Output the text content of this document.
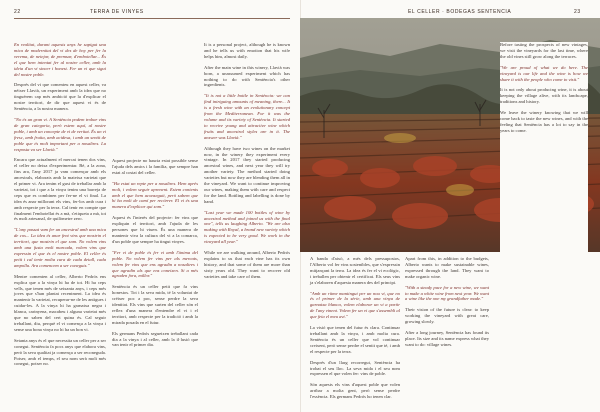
22	TERRA DE VINYES	EL CELLER · BODEGAS SENTENCIA	23

En realitat, durant aquests anys he sapigut una mica de modernitat del vi des de hoy per fer la verema, de netejar, de premsar, d'embotellar... És el que hem intentat fer al nostre celler, amb la ideia d'un vi sincer i honest. Fer un vi que sigui del nostre poble.

Després del vi que comenteu en aquest celler, va néixer Llavià, un experiment amb la idea que no tinguérem cap més ambició que la d'explicar el nostre territori, de dir que aquest vi és de Sentència, a la nostra manera.

"No és un gran vi. A Sentència podem trobar vins de gran categoria, però estem aquí, al nostre poble, i amb un concepte de vi de veritat. És un vi fresc, amb fruita, amb acidesa, i amb un sentit de poble que és molt important per a nosaltres. La resposta va ser Llavià."

Encara que actualment el mercat tenen dos vins, el celler no deixa d'experimentar. Bé, a la zona, fins ara, l'any 2017 ja vam començar amb els ancestrals, elaborats amb la mateixa varietat que el primer vi. Ara tenim el gust de treballar amb la varietat, tot i que a la vinya tenim una barreja de ceps que es combinen per fer-ne el vi final. La idea és anar millorant els vins, fer-los amb cura i amb respecte per la terra. Cal tenir en compte que finalment l'embotellat és a mà, s'etiqueta a mà, tot és molt artesanal, de quilòmetre zero.

"L'any passat vam fer un ancestral amb una mica de cos... La idea és anar fent vins que mostrin el territori, que mostrin el que som. No volem vins amb una fusta molt marcada, volem vins que expressin el que és el nostre poble. El celler és petit i cal tenir molta cura de cada detall, cada ampolla. Ara comencem a ser coneguts."

Mentre comenten al celler, Alberto Pedrós ens explica que a la vinya hi ha de tot. Hi ha ceps vells, que tenen més de seixanta anys, i ceps més joves que s'han plantat recentment. La idea és mantenir la varietat, recuperar-ne de les antigues i cuidar-les. A la vinya hi ha garnatxa negra i blanca, carinyena, macabeu i alguna varietat més que no saben del cert quina és. Cal seguir treballant, diu, perquè el vi comença a la vinya i sense una bona vinya no hi ha un bon vi.

Setanta anys és el que necessita un celler per a ser conegut. Sentència fa pocs anys que elabora vins, però la seva qualitat ja comença a ser reconeguda. Potser, amb el temps, el seu nom serà molt més conegut, potser no.

Aquest projecte no hauria estat possible sense l'ajuda dels amics i la família, que sempre han estat al costat del celler.

"Ha estat un repte per a nosaltres. Hem après molt, i volem seguir aprenent. Estem contents amb el que hem aconseguit, però sabem que hi ha molt de camí per recórrer. El vi és una manera d'explicar qui som."

Aquest és l'interès del projecte: fer vins que expliquin el territori, amb l'ajuda de les persones que hi viuen. És una manera de mantenir viva la cultura del vi a la comarca, d'un poble que sempre ha tingut vinyes.

"Fer vi de poble és fer vi amb l'ànima del poble. No volem fer vins per als mercats, volem fer vins que ens agradin a nosaltres i que agradin als que ens coneixen. Si a més agraden fora, millor."

Sentència és un celler petit que fa vins honestos. Tot i la seva mida, té la voluntat de créixer poc a poc, sense perdre la seva identitat. Els vins que surten del celler són el reflex d'una manera d'entendre el vi i el territori, amb respecte per la tradició i amb la mirada posada en el futur.

Els germans Pedrós segueixen treballant cada dia a la vinya i al celler, amb la il·lusió que van tenir el primer dia.

It is a personal project, although he is known and he tells us with emotion that his wife helps him, almost daily.

After the main wine in this winery, Llavià was born, a unassumed experiment which has nothing to do with Sentència's other ingredients.

"It is not a little bottle in Sentència: we can find intriguing amounts of meaning, there... It is a fresh wine with an evolutionary concept from the Mediterranean. For it was the volume and its variety of Sentència. It started to receive young and attractive wine which fruits and ancestral styles are in it. The answer was Llavià."

Although they have two wines on the market now, in the winery they experiment every vintage. In 2017 they started producing ancestral wines, and next year they will try another variety. The method started doing varieties but now they are blending them all in the vineyard. We want to continue improving our wines, making them with care and respect for the land. Bottling and labelling is done by hand.

"Last year we made 100 bottles of wine by ancestral method and joined us with the final one", tells us laughing Alberto. "We are also making with Royal, a brand new variety which is expected to be very good. We work in the vineyard all year."

While we are walking around, Alberto Pedrós explains to us that each vine has its own history, and that some of them are more than sixty years old. They want to recover old varieties and take care of them.

A banda d'això, a més dels pressupostos, l'Alberto vol fer vins sostenibles, que s'expressin mitjançant la terra. La idea és fer el vi ecològic, i treballen per obtenir el certificat. Els seus vins ja s'elaboren d'aquesta manera des del principi.

"Amb un ritme mantingut per un nou vi, que no és el primer de la sèrie, amb una vinya de garnatxa blanca, volem elaborar un vi a partir de l'any vinent. Volem fer un vi que s'assembli al que feia el meu avi."

La visió que tenen del futur és clara. Continuar treballant amb la vinya, i amb molta cura. Sentència és un celler que vol continuar creixent, però sense perdre el sentit que té, i amb el respecte per la terra.

Després d'un llarg recorregut, Sentència ha trobat el seu lloc. La seva mida i el seu nom expressen el que volen fer: vins de poble.

Són aquests els vins d'aquest poble que volen arribar a molta gent, però sense perdre l'essència. Els germans Pedrós ho tenen clar.

Apart from this, in addition to the budgets, Alberto wants to make sustainable wines, expressed through the land. They want to make organic wine.

"With a steady pace for a new wine, we want to make a white wine from next year. We want a wine like the one my grandfather made."

Their vision of the future is clear: to keep working the vineyard with great care, growing slowly.

After a long journey, Sentència has found its place. Its size and its name express what they want to do: village wines.

Before tasting the prospects of new vintages, we visit the vineyards for the last time, where the old vines still grow along the terraces.

"We are proud of what we do here. The vineyard is our life and the wine is how we share it with the people who come to visit."

It is not only about producing wine, it is about keeping the village alive, with its landscape, traditions and history.

We leave the winery knowing that we will come back to taste the new wines, and with the feeling that Sentència has a lot to say in the years to come.
